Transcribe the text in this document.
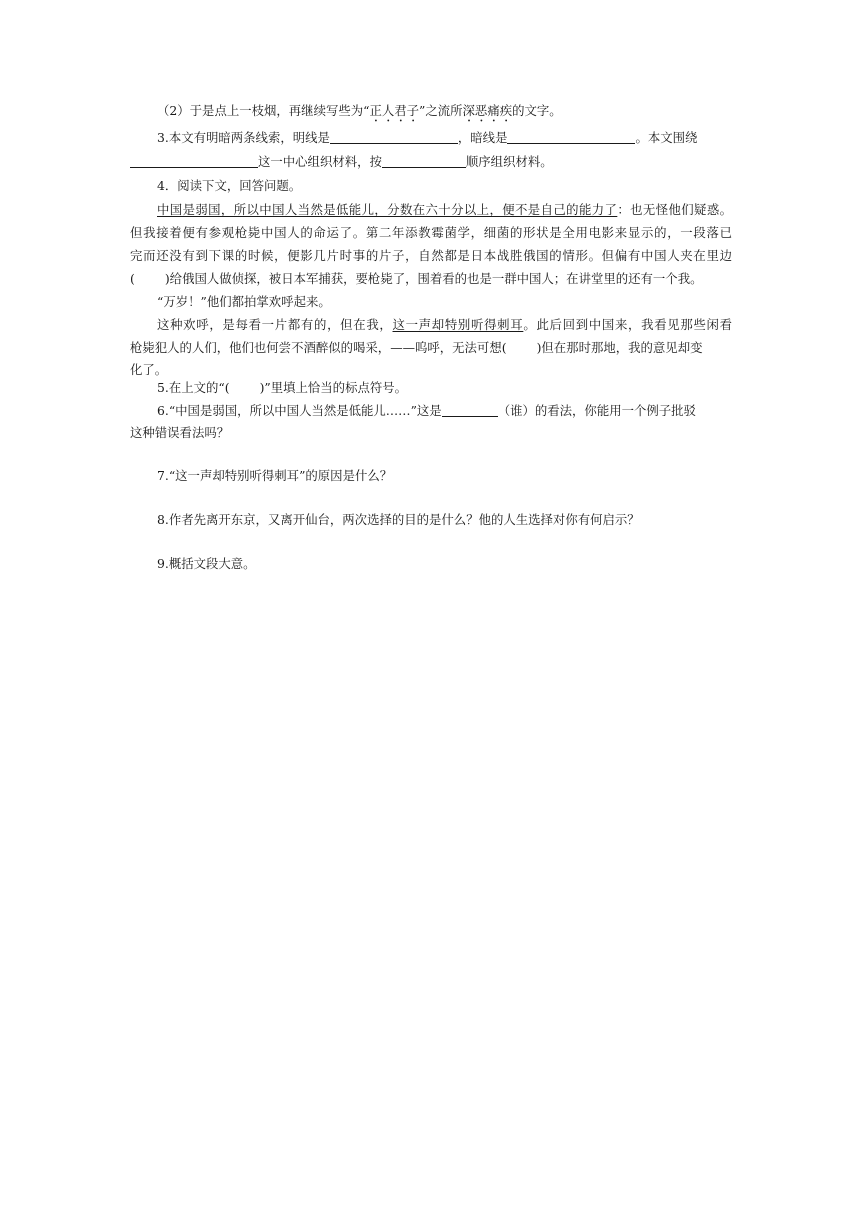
（2）于是点上一枝烟，再继续写些为“正人君子”之流所深恶痛疾的文字。
3.本文有明暗两条线索，明线是	，暗线是	。本文围绕
这一中心组织材料，按	顺序组织材料。
4．阅读下文，回答问题。
中国是弱国，所以中国人当然是低能儿，分数在六十分以上，便不是自己的能力了：也无怪他们疑惑。
但我接着便有参观枪毙中国人的命运了。第二年添教霉菌学，细菌的形状是全用电影来显示的，一段落已
完而还没有到下课的时候，便影几片时事的片子，自然都是日本战胜俄国的情形。但偏有中国人夹在里边
( )给俄国人做侦探，被日本军捕获，要枪毙了，围着看的也是一群中国人；在讲堂里的还有一个我。
“万岁！”他们都拍掌欢呼起来。
这种欢呼，是每看一片都有的，但在我，这一声却特别听得刺耳。此后回到中国来，我看见那些闲看
枪毙犯人的人们，他们也何尝不酒醉似的喝采，——呜呼，无法可想( )但在那时那地，我的意见却变
化了。
5.在上文的“( )”里填上恰当的标点符号。
6.“中国是弱国，所以中国人当然是低能儿……”这是	（谁）的看法，你能用一个例子批驳
这种错误看法吗？
7.“这一声却特别听得刺耳”的原因是什么？
8.作者先离开东京，又离开仙台，两次选择的目的是什么？他的人生选择对你有何启示？
9.概括文段大意。
